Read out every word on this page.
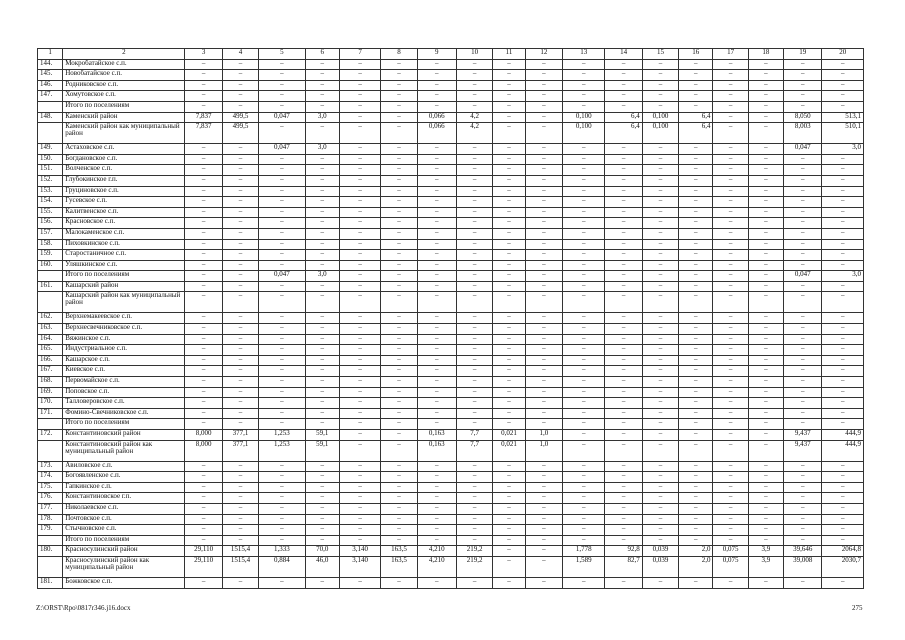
1	2	3	4	5	6	7	8	9	10	11	12	13	14	15	16	17	18	19	20
144.	Мокробатайское с.п.	–	–	–	–	–	–	–	–	–	–	–	–	–	–	–	–	–	–
145.	Новобатайское с.п.	–	–	–	–	–	–	–	–	–	–	–	–	–	–	–	–	–	–
146.	Родниковское с.п.	–	–	–	–	–	–	–	–	–	–	–	–	–	–	–	–	–	–
147.	Хомутовское с.п.	–	–	–	–	–	–	–	–	–	–	–	–	–	–	–	–	–	–
	Итого по поселениям	–	–	–	–	–	–	–	–	–	–	–	–	–	–	–	–	–	–
148.	Каменский район	7,837	499,5	0,047	3,0	–	–	0,066	4,2	–	–	0,100	6,4	0,100	6,4	–	–	8,050	513,1
	Каменский район как муниципальный район	7,837	499,5	–	–	–	–	0,066	4,2	–	–	0,100	6,4	0,100	6,4	–	–	8,003	510,1
149.	Астаховское с.п.	–	–	0,047	3,0	–	–	–	–	–	–	–	–	–	–	–	–	0,047	3,0
150.	Богдановское с.п.	–	–	–	–	–	–	–	–	–	–	–	–	–	–	–	–	–	–
151.	Волченское с.п.	–	–	–	–	–	–	–	–	–	–	–	–	–	–	–	–	–	–
152.	Глубокинское г.п.	–	–	–	–	–	–	–	–	–	–	–	–	–	–	–	–	–	–
153.	Груциновское с.п.	–	–	–	–	–	–	–	–	–	–	–	–	–	–	–	–	–	–
154.	Гусевское с.п.	–	–	–	–	–	–	–	–	–	–	–	–	–	–	–	–	–	–
155.	Калитвенское с.п.	–	–	–	–	–	–	–	–	–	–	–	–	–	–	–	–	–	–
156.	Красновское с.п.	–	–	–	–	–	–	–	–	–	–	–	–	–	–	–	–	–	–
157.	Малокаменское с.п.	–	–	–	–	–	–	–	–	–	–	–	–	–	–	–	–	–	–
158.	Пиховкинское с.п.	–	–	–	–	–	–	–	–	–	–	–	–	–	–	–	–	–	–
159.	Старостаничное с.п.	–	–	–	–	–	–	–	–	–	–	–	–	–	–	–	–	–	–
160.	Уляшкинское с.п.	–	–	–	–	–	–	–	–	–	–	–	–	–	–	–	–	–	–
	Итого по поселениям	–	–	0,047	3,0	–	–	–	–	–	–	–	–	–	–	–	–	0,047	3,0
161.	Кашарский район	–	–	–	–	–	–	–	–	–	–	–	–	–	–	–	–	–	–
	Кашарский район как муниципальный район	–	–	–	–	–	–	–	–	–	–	–	–	–	–	–	–	–	–
162.	Верхнемакеевское с.п.	–	–	–	–	–	–	–	–	–	–	–	–	–	–	–	–	–	–
163.	Верхнесвечниковское с.п.	–	–	–	–	–	–	–	–	–	–	–	–	–	–	–	–	–	–
164.	Вяжинское с.п.	–	–	–	–	–	–	–	–	–	–	–	–	–	–	–	–	–	–
165.	Индустриальное с.п.	–	–	–	–	–	–	–	–	–	–	–	–	–	–	–	–	–	–
166.	Кашарское с.п.	–	–	–	–	–	–	–	–	–	–	–	–	–	–	–	–	–	–
167.	Киевское с.п.	–	–	–	–	–	–	–	–	–	–	–	–	–	–	–	–	–	–
168.	Первомайское с.п.	–	–	–	–	–	–	–	–	–	–	–	–	–	–	–	–	–	–
169.	Поповское с.п.	–	–	–	–	–	–	–	–	–	–	–	–	–	–	–	–	–	–
170.	Талловеровское с.п.	–	–	–	–	–	–	–	–	–	–	–	–	–	–	–	–	–	–
171.	Фомино-Свечниковское с.п.	–	–	–	–	–	–	–	–	–	–	–	–	–	–	–	–	–	–
	Итого по поселениям	–	–	–	–	–	–	–	–	–	–	–	–	–	–	–	–	–	–
172.	Константиновский район	8,000	377,1	1,253	59,1	–	–	0,163	7,7	0,021	1,0	–	–	–	–	–	–	9,437	444,9
	Константиновский район как муниципальный район	8,000	377,1	1,253	59,1	–	–	0,163	7,7	0,021	1,0	–	–	–	–	–	–	9,437	444,9
173.	Авиловское с.п.	–	–	–	–	–	–	–	–	–	–	–	–	–	–	–	–	–	–
174.	Богоявленское с.п.	–	–	–	–	–	–	–	–	–	–	–	–	–	–	–	–	–	–
175.	Гапкинское с.п.	–	–	–	–	–	–	–	–	–	–	–	–	–	–	–	–	–	–
176.	Константиновское г.п.	–	–	–	–	–	–	–	–	–	–	–	–	–	–	–	–	–	–
177.	Николаевское с.п.	–	–	–	–	–	–	–	–	–	–	–	–	–	–	–	–	–	–
178.	Почтовское с.п.	–	–	–	–	–	–	–	–	–	–	–	–	–	–	–	–	–	–
179.	Стычновское с.п.	–	–	–	–	–	–	–	–	–	–	–	–	–	–	–	–	–	–
	Итого по поселениям	–	–	–	–	–	–	–	–	–	–	–	–	–	–	–	–	–	–
180.	Красносулинский район	29,110	1515,4	1,333	70,0	3,140	163,5	4,210	219,2	–	–	1,778	92,8	0,039	2,0	0,075	3,9	39,646	2064,8
	Красносулинский район как муниципальный район	29,110	1515,4	0,884	46,0	3,140	163,5	4,210	219,2	–	–	1,589	82,7	0,039	2,0	0,075	3,9	39,008	2030,7
181.	Божковское с.п.	–	–	–	–	–	–	–	–	–	–	–	–	–	–	–	–	–	–
Z:\ORST\Rpo\0817r346.j16.docx	275
